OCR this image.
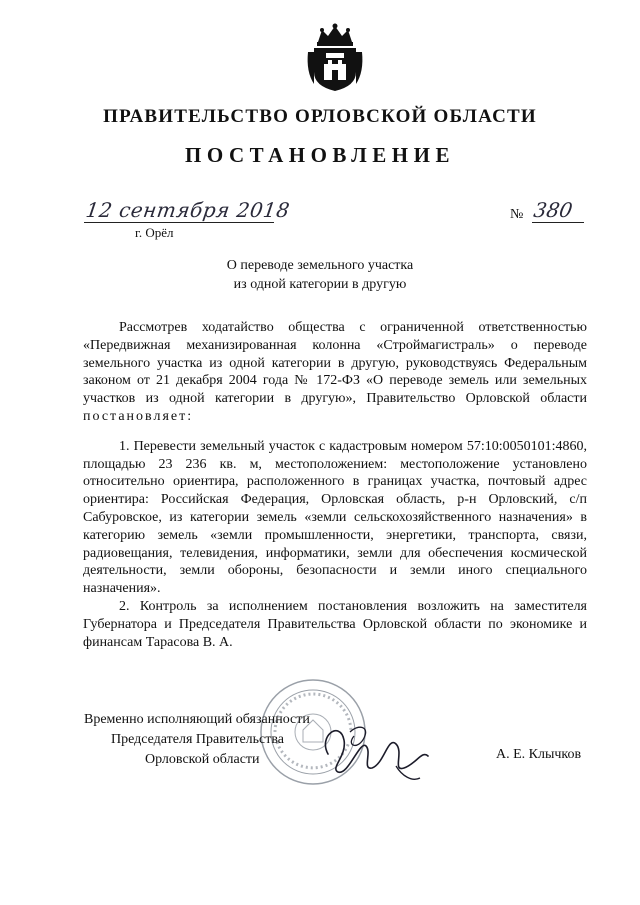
ПРАВИТЕЛЬСТВО ОРЛОВСКОЙ ОБЛАСТИ
ПОСТАНОВЛЕНИЕ
12 сентября 2018
г. Орёл
№ 380
О переводе земельного участка
из одной категории в другую

Рассмотрев ходатайство общества с ограниченной ответственностью «Передвижная механизированная колонна «Строймагистраль» о переводе земельного участка из одной категории в другую, руководствуясь Федеральным законом от 21 декабря 2004 года № 172-ФЗ «О переводе земель или земельных участков из одной категории в другую», Правительство Орловской области постановляет:

1. Перевести земельный участок с кадастровым номером 57:10:0050101:4860, площадью 23 236 кв. м, местоположением: местоположение установлено относительно ориентира, расположенного в границах участка, почтовый адрес ориентира: Российская Федерация, Орловская область, р-н Орловский, с/п Сабуровское, из категории земель «земли сельскохозяйственного назначения» в категорию земель «земли промышленности, энергетики, транспорта, связи, радиовещания, телевидения, информатики, земли для обеспечения космической деятельности, земли обороны, безопасности и земли иного специального назначения».

2. Контроль за исполнением постановления возложить на заместителя Губернатора и Председателя Правительства Орловской области по экономике и финансам Тарасова В. А.

Временно исполняющий обязанности
Председателя Правительства
Орловской области	А. Е. Клычков
